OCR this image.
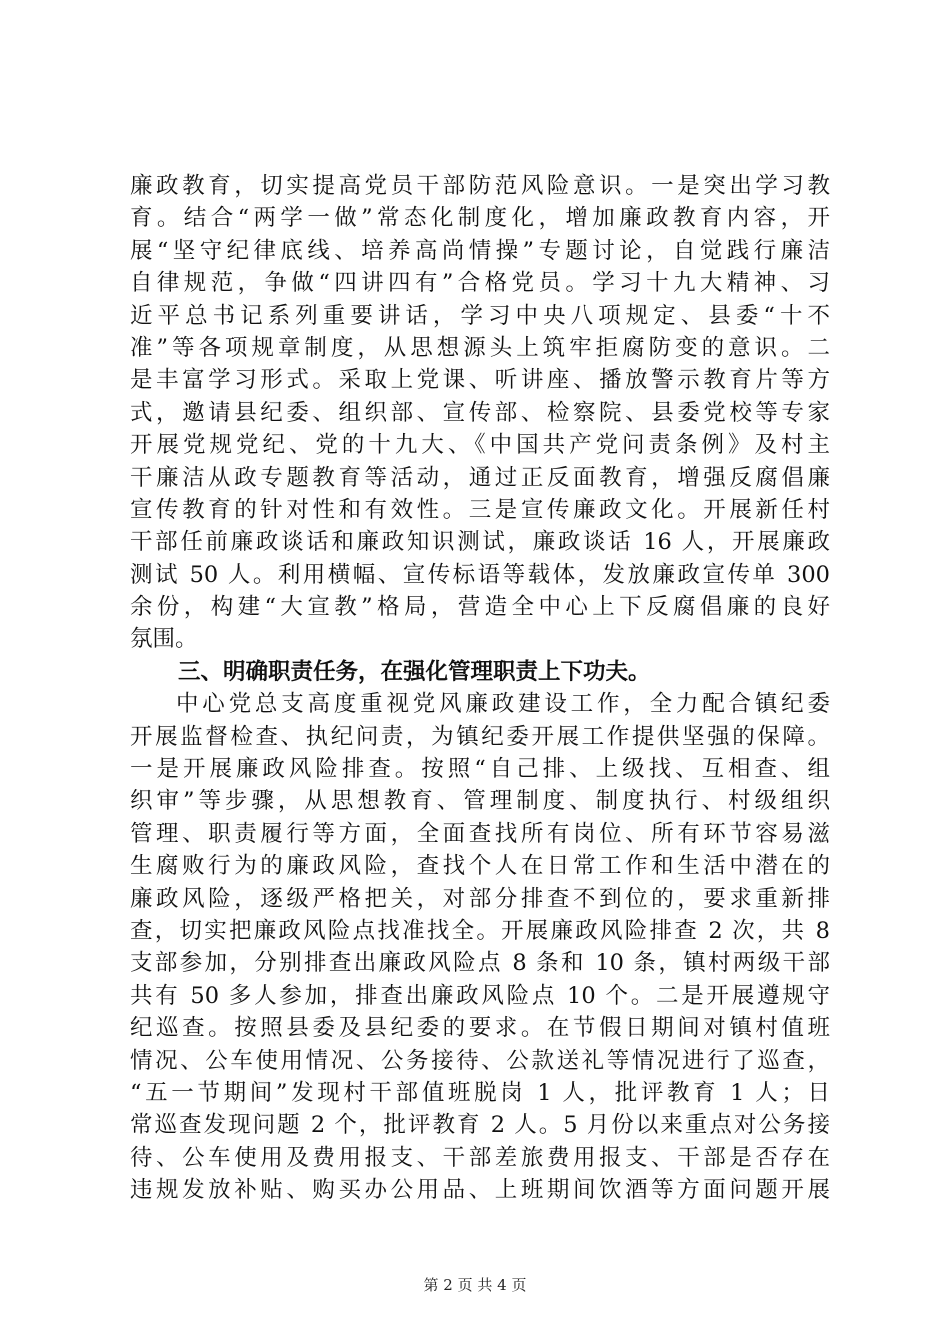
廉政教育，切实提高党员干部防范风险意识。一是突出学习教
育。结合“两学一做”常态化制度化，增加廉政教育内容，开
展“坚守纪律底线、培养高尚情操”专题讨论，自觉践行廉洁
自律规范，争做“四讲四有”合格党员。学习十九大精神、习
近平总书记系列重要讲话，学习中央八项规定、县委“十不
准”等各项规章制度，从思想源头上筑牢拒腐防变的意识。二
是丰富学习形式。采取上党课、听讲座、播放警示教育片等方
式，邀请县纪委、组织部、宣传部、检察院、县委党校等专家
开展党规党纪、党的十九大、《中国共产党问责条例》及村主
干廉洁从政专题教育等活动，通过正反面教育，增强反腐倡廉
宣传教育的针对性和有效性。三是宣传廉政文化。开展新任村
干部任前廉政谈话和廉政知识测试，廉政谈话 16 人，开展廉政
测试 50 人。利用横幅、宣传标语等载体，发放廉政宣传单 300
余份，构建“大宣教”格局，营造全中心上下反腐倡廉的良好
氛围。
三、明确职责任务，在强化管理职责上下功夫。
中心党总支高度重视党风廉政建设工作，全力配合镇纪委
开展监督检查、执纪问责，为镇纪委开展工作提供坚强的保障。
一是开展廉政风险排查。按照“自己排、上级找、互相查、组
织审”等步骤，从思想教育、管理制度、制度执行、村级组织
管理、职责履行等方面，全面查找所有岗位、所有环节容易滋
生腐败行为的廉政风险，查找个人在日常工作和生活中潜在的
廉政风险，逐级严格把关，对部分排查不到位的，要求重新排
查，切实把廉政风险点找准找全。开展廉政风险排查 2 次，共 8
支部参加，分别排查出廉政风险点 8 条和 10 条，镇村两级干部
共有 50 多人参加，排查出廉政风险点 10 个。二是开展遵规守
纪巡查。按照县委及县纪委的要求。在节假日期间对镇村值班
情况、公车使用情况、公务接待、公款送礼等情况进行了巡查，
“五一节期间”发现村干部值班脱岗 1 人，批评教育 1 人；日
常巡查发现问题 2 个，批评教育 2 人。5 月份以来重点对公务接
待、公车使用及费用报支、干部差旅费用报支、干部是否存在
违规发放补贴、购买办公用品、上班期间饮酒等方面问题开展
第 2 页 共 4 页
